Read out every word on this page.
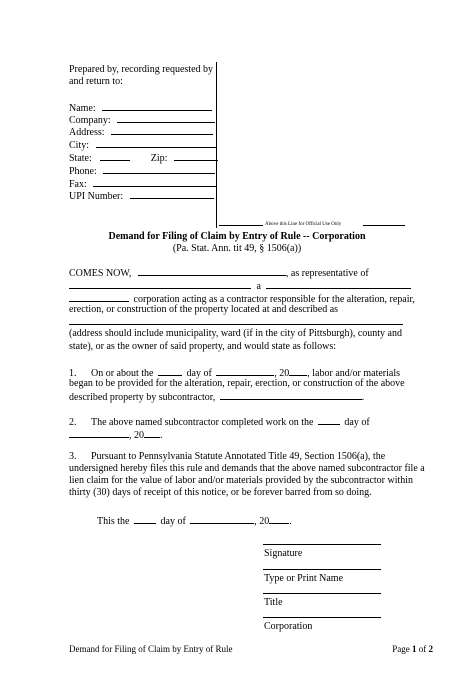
Prepared by, recording requested by
and return to:
Name:
Company:
Address:
City:
State:	Zip:
Phone:
Fax:
UPI Number:
Above this Line for Official Use Only
Demand for Filing of Claim by Entry of Rule -- Corporation
(Pa. Stat. Ann. tit 49, § 1506(a))
COMES NOW,	, as representative of
a
corporation acting as a contractor responsible for the alteration, repair,
erection, or construction of the property located at and described as
(address should include municipality, ward (if in the city of Pittsburgh), county and
state), or as the owner of said property, and would state as follows:
1. On or about the	day of	, 20 , labor and/or materials
began to be provided for the alteration, repair, erection, or construction of the above
described property by subcontractor,	.
2. The above named subcontractor completed work on the	day of
, 20 .
3. Pursuant to Pennsylvania Statute Annotated Title 49, Section 1506(a), the
undersigned hereby files this rule and demands that the above named subcontractor file a
lien claim for the value of labor and/or materials provided by the subcontractor within
thirty (30) days of receipt of this notice, or be forever barred from so doing.
This the	day of	, 20 .
Signature
Type or Print Name
Title
Corporation
Demand for Filing of Claim by Entry of Rule	Page 1 of 2
